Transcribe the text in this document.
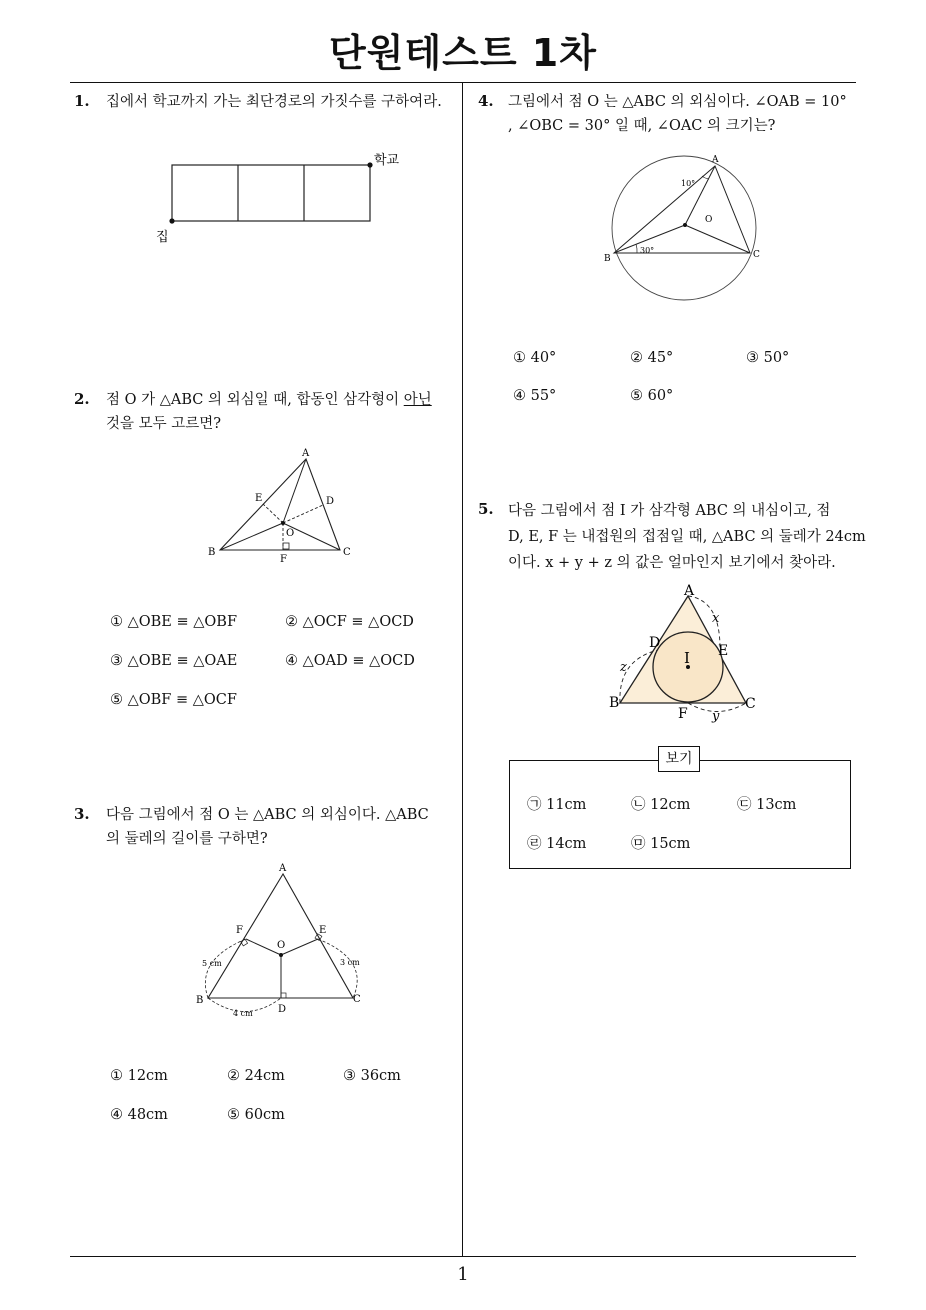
단원테스트 1차
1. 집에서 학교까지 가는 최단경로의 가짓수를 구하여라.
집
학교
2. 점 O 가 △ABC 의 외심일 때, 합동인 삼각형이 아닌
것을 모두 고르면?
A
B	C
D
E
F
O
① △OBE ≡ △OBF	② △OCF ≡ △OCD
③ △OBE ≡ △OAE	④ △OAD ≡ △OCD
⑤ △OBF ≡ △OCF
3. 다음 그림에서 점 O 는 △ABC 의 외심이다. △ABC
의 둘레의 길이를 구하면?
A
B	C
D
E
F
O
5 cm	3 cm
4 cm
① 12cm	② 24cm	③ 36cm
④ 48cm	⑤ 60cm
4. 그림에서 점 O 는 △ABC 의 외심이다. ∠OAB = 10°
, ∠OBC = 30° 일 때, ∠OAC 의 크기는?
A
B	C
O
10°
30°
① 40°	② 45°	③ 50°
④ 55°	⑤ 60°
5. 다음 그림에서 점 I 가 삼각형 ABC 의 내심이고, 점
D, E, F 는 내접원의 접점일 때, △ABC 의 둘레가 24cm
이다. x + y + z 의 값은 얼마인지 보기에서 찾아라.
A
B	C
D	E
F
I
x
y
z
보기
㉠ 11cm	㉡ 12cm	㉢ 13cm
㉣ 14cm	㉤ 15cm
1
